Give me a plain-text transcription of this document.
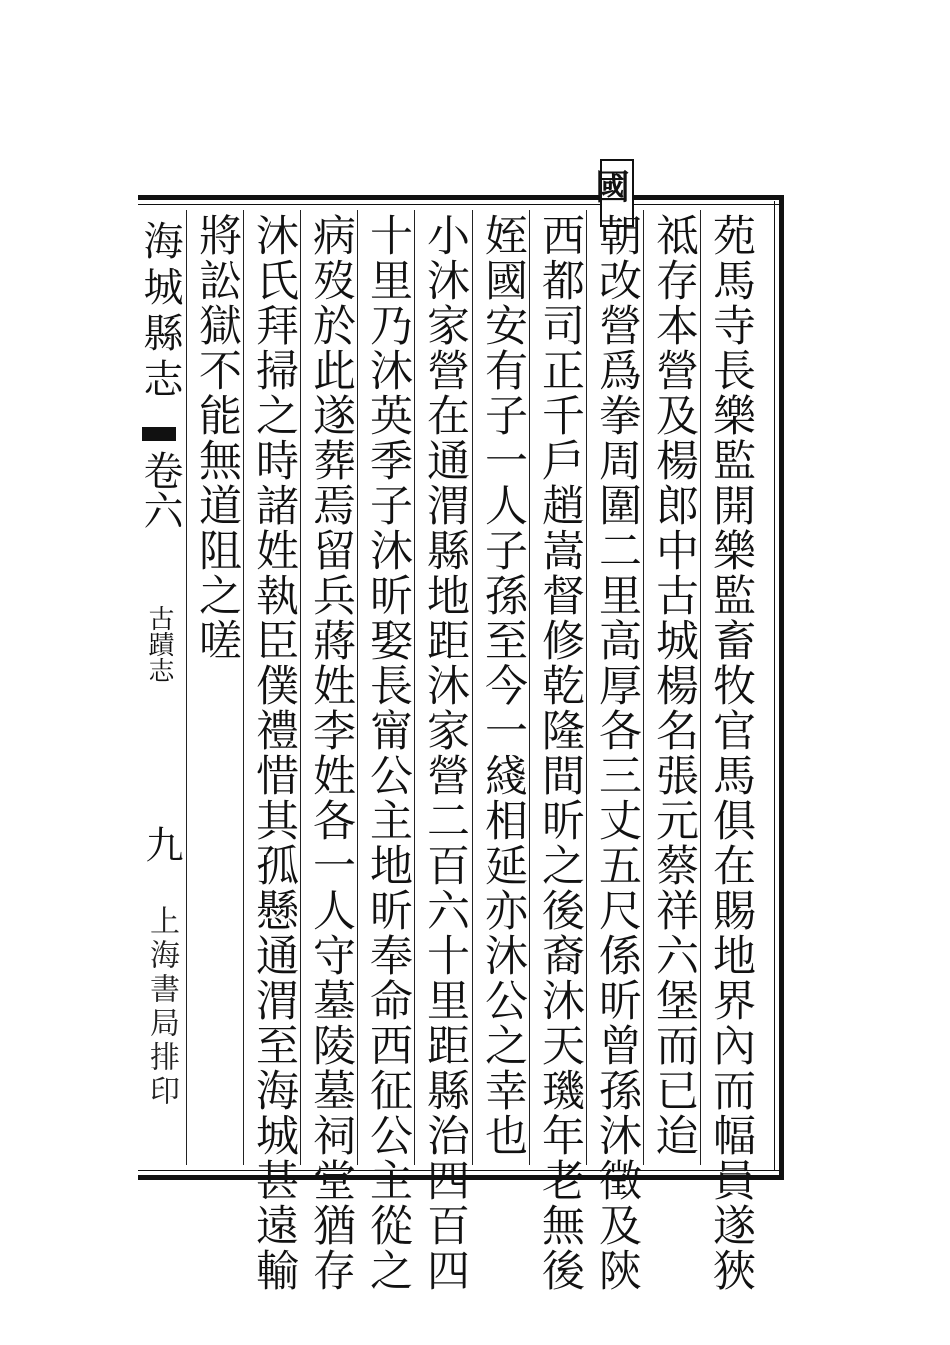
國
海城縣志
卷六
古蹟志
九
上海書局排印
將訟獄不能無道阻之嗟 沐氏拜掃之時諸姓執臣僕禮惜其孤懸通渭至海城甚遠輸 病歿於此遂葬焉留兵蔣姓李姓各一人守墓陵墓祠堂猶存 十里乃沐英季子沐昕娶長甯公主地昕奉命西征公主從之 小沐家營在通渭縣地距沐家營二百六十里距縣治四百四 姪國安有子一人子孫至今一綫相延亦沐公之幸也 西都司正千戶趙嵩督修乾隆間昕之後裔沐天璣年老無後 朝改營爲拳周圍二里高厚各三丈五尺係昕曾孫沐徵及陝 祗存本營及楊郎中古城楊名張元蔡祥六堡而已迨 苑馬寺長樂監開樂監畜牧官馬俱在賜地界內而幅員遂狹
